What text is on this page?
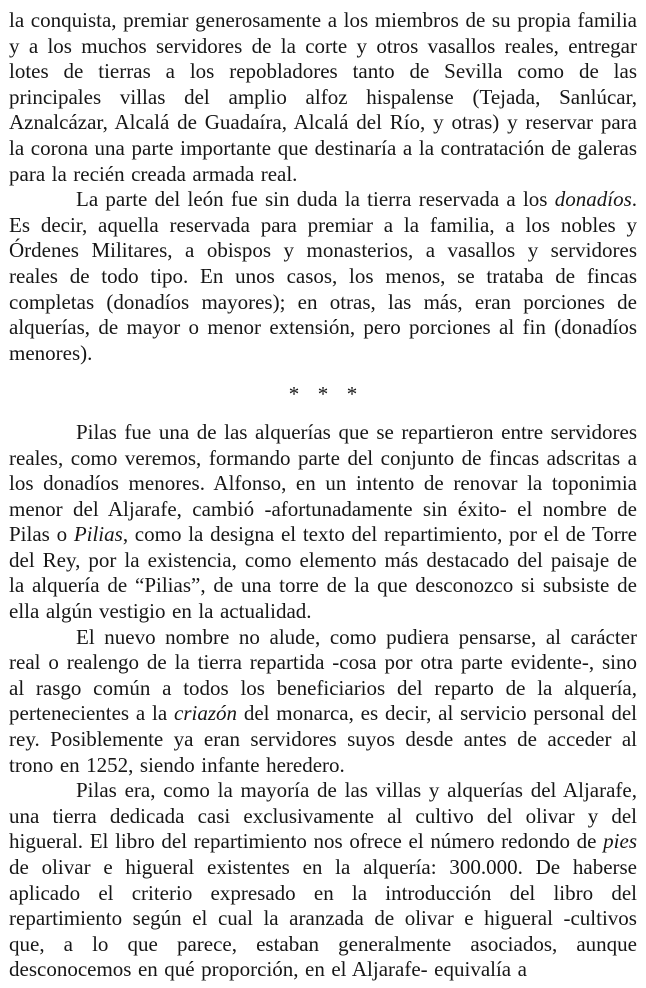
la conquista, premiar generosamente a los miembros de su propia familia y a los muchos servidores de la corte y otros vasallos reales, entregar lotes de tierras a los repobladores tanto de Sevilla como de las principales villas del amplio alfoz hispalense (Tejada, Sanlúcar, Aznalcázar, Alcalá de Guadaíra, Alcalá del Río, y otras) y reservar para la corona una parte importante que destinaría a la contratación de galeras para la recién creada armada real.

La parte del león fue sin duda la tierra reservada a los donadíos. Es decir, aquella reservada para premiar a la familia, a los nobles y Órdenes Militares, a obispos y monasterios, a vasallos y servidores reales de todo tipo. En unos casos, los menos, se trataba de fincas completas (donadíos mayores); en otras, las más, eran porciones de alquerías, de mayor o menor extensión, pero porciones al fin (donadíos menores).

* * *

Pilas fue una de las alquerías que se repartieron entre servidores reales, como veremos, formando parte del conjunto de fincas adscritas a los donadíos menores. Alfonso, en un intento de renovar la toponimia menor del Aljarafe, cambió -afortunadamente sin éxito- el nombre de Pilas o Pilias, como la designa el texto del repartimiento, por el de Torre del Rey, por la existencia, como elemento más destacado del paisaje de la alquería de “Pilias”, de una torre de la que desconozco si subsiste de ella algún vestigio en la actualidad.

El nuevo nombre no alude, como pudiera pensarse, al carácter real o realengo de la tierra repartida -cosa por otra parte evidente-, sino al rasgo común a todos los beneficiarios del reparto de la alquería, pertenecientes a la criazón del monarca, es decir, al servicio personal del rey. Posiblemente ya eran servidores suyos desde antes de acceder al trono en 1252, siendo infante heredero.

Pilas era, como la mayoría de las villas y alquerías del Aljarafe, una tierra dedicada casi exclusivamente al cultivo del olivar y del higueral. El libro del repartimiento nos ofrece el número redondo de pies de olivar e higueral existentes en la alquería: 300.000. De haberse aplicado el criterio expresado en la introducción del libro del repartimiento según el cual la aranzada de olivar e higueral -cultivos que, a lo que parece, estaban generalmente asociados, aunque desconocemos en qué proporción, en el Aljarafe- equivalía a
